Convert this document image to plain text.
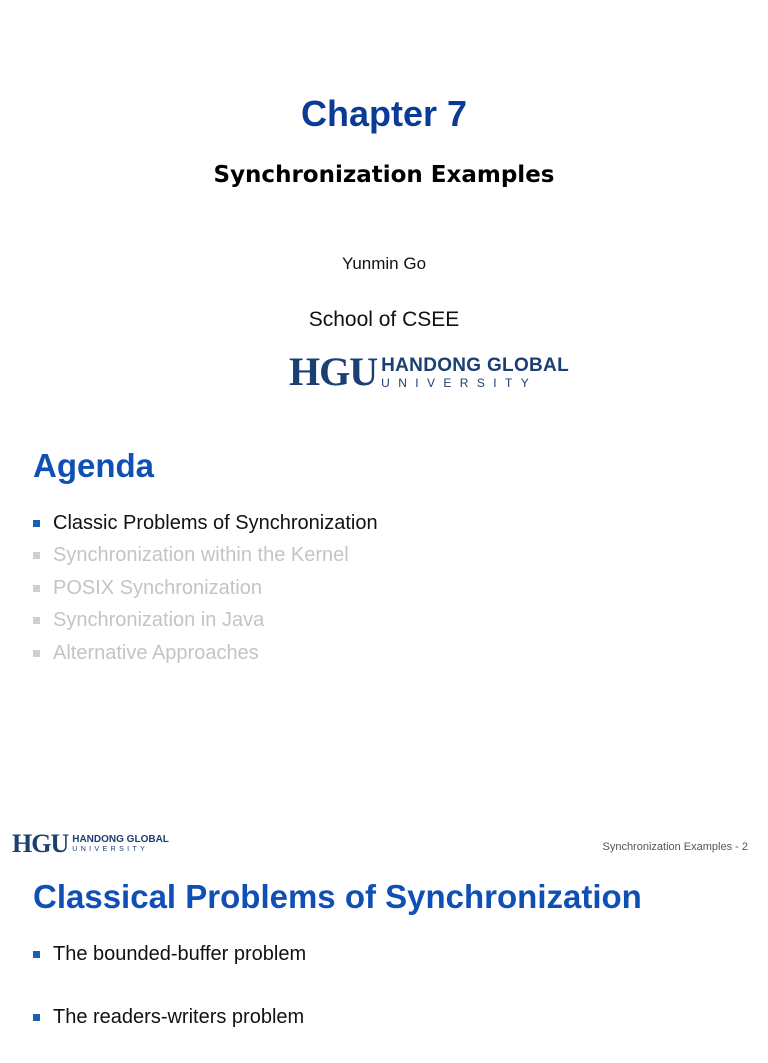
Chapter 7
Synchronization Examples
Yunmin Go
School of CSEE
HGU HANDONG GLOBAL
UNIVERSITY
Agenda
Classic Problems of Synchronization
Synchronization within the Kernel
POSIX Synchronization
Synchronization in Java
Alternative Approaches
HGU HANDONG GLOBAL
UNIVERSITY	Synchronization Examples - 2
Classical Problems of Synchronization
The bounded-buffer problem
The readers-writers problem
